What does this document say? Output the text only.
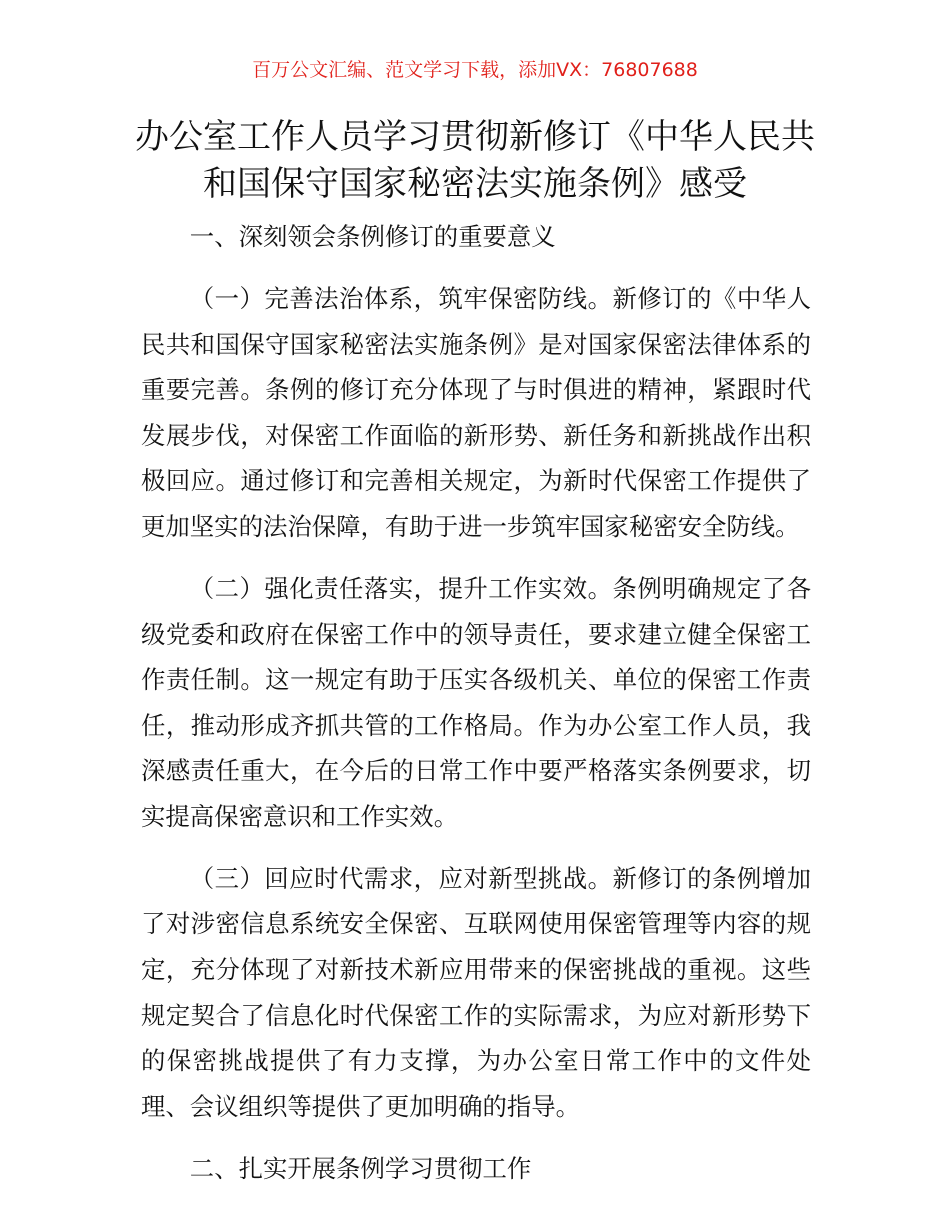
百万公文汇编、范文学习下载，添加VX：76807688
办公室工作人员学习贯彻新修订《中华人民共
和国保守国家秘密法实施条例》感受

一、深刻领会条例修订的重要意义

（一）完善法治体系，筑牢保密防线。新修订的《中华人民共和国保守国家秘密法实施条例》是对国家保密法律体系的重要完善。条例的修订充分体现了与时俱进的精神，紧跟时代发展步伐，对保密工作面临的新形势、新任务和新挑战作出积极回应。通过修订和完善相关规定，为新时代保密工作提供了更加坚实的法治保障，有助于进一步筑牢国家秘密安全防线。

（二）强化责任落实，提升工作实效。条例明确规定了各级党委和政府在保密工作中的领导责任，要求建立健全保密工作责任制。这一规定有助于压实各级机关、单位的保密工作责任，推动形成齐抓共管的工作格局。作为办公室工作人员，我深感责任重大，在今后的日常工作中要严格落实条例要求，切实提高保密意识和工作实效。

（三）回应时代需求，应对新型挑战。新修订的条例增加了对涉密信息系统安全保密、互联网使用保密管理等内容的规定，充分体现了对新技术新应用带来的保密挑战的重视。这些规定契合了信息化时代保密工作的实际需求，为应对新形势下的保密挑战提供了有力支撑，为办公室日常工作中的文件处理、会议组织等提供了更加明确的指导。

二、扎实开展条例学习贯彻工作
